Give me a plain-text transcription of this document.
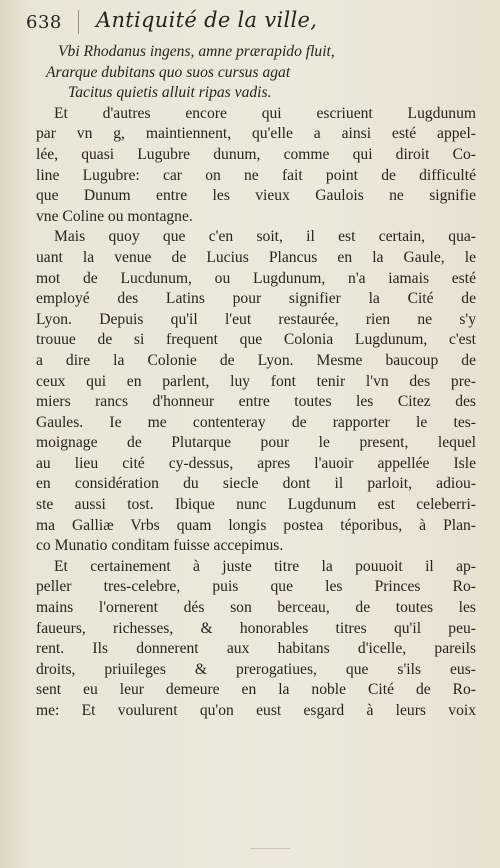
638 Antiquité de la ville,
Vbi Rhodanus ingens, amne prærapido fluit,
Ararque dubitans quo suos cursus agat
Tacitus quietis alluit ripas vadis.
Et d'autres encore qui escriuent Lugdunum
par vn g, maintiennent, qu'elle a ainsi esté appel-
lée, quasi Lugubre dunum, comme qui diroit Co-
line Lugubre: car on ne fait point de difficulté
que Dunum entre les vieux Gaulois ne signifie
vne Coline ou montagne.
Mais quoy que c'en soit, il est certain, qua-
uant la venue de Lucius Plancus en la Gaule, le
mot de Lucdunum, ou Lugdunum, n'a iamais esté
employé des Latins pour signifier la Cité de
Lyon. Depuis qu'il l'eut restaurée, rien ne s'y
trouue de si frequent que Colonia Lugdunum, c'est
a dire la Colonie de Lyon. Mesme baucoup de
ceux qui en parlent, luy font tenir l'vn des pre-
miers rancs d'honneur entre toutes les Citez des
Gaules. Ie me contenteray de rapporter le tes-
moignage de Plutarque pour le present, lequel
au lieu cité cy-dessus, apres l'auoir appellée Isle
en considération du siecle dont il parloit, adiou-
ste aussi tost. Ibique nunc Lugdunum est celeberri-
ma Galliæ Vrbs quam longis postea téporibus, à Plan-
co Munatio conditam fuisse accepimus.
Et certainement à juste titre la pouuoit il ap-
peller tres-celebre, puis que les Princes Ro-
mains l'ornerent dés son berceau, de toutes les
faueurs, richesses, & honorables titres qu'il peu-
rent. Ils donnerent aux habitans d'icelle, pareils
droits, priuileges & prerogatiues, que s'ils eus-
sent eu leur demeure en la noble Cité de Ro-
me: Et voulurent qu'on eust esgard à leurs voix
